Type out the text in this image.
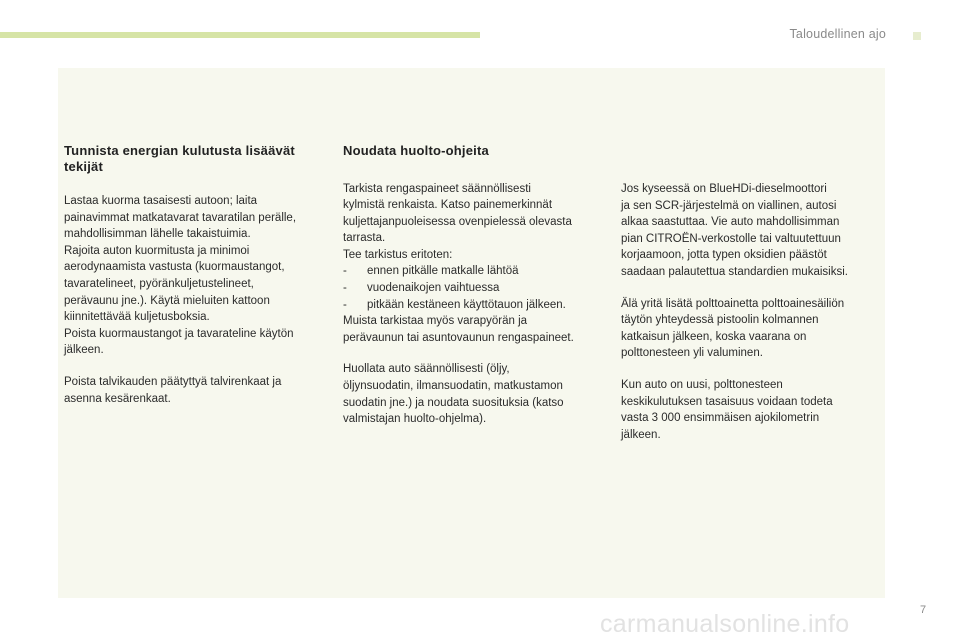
Taloudellinen ajo
Tunnista energian kulutusta lisäävät tekijät

Lastaa kuorma tasaisesti autoon; laita
painavimmat matkatavarat tavaratilan perälle,
mahdollisimman lähelle takaistuimia.
Rajoita auton kuormitusta ja minimoi
aerodynaamista vastusta (kuormaustangot,
tavaratelineet, pyöränkuljetustelineet,
perävaunu jne.). Käytä mieluiten kattoon
kiinnitettävää kuljetusboksia.
Poista kuormaustangot ja tavarateline käytön
jälkeen.

Poista talvikauden päätyttyä talvirenkaat ja
asenna kesärenkaat.

Noudata huolto-ohjeita

Tarkista rengaspaineet säännöllisesti
kylmistä renkaista. Katso painemerkinnät
kuljettajanpuoleisessa ovenpielessä olevasta
tarrasta.
Tee tarkistus eritoten:

-	ennen pitkälle matkalle lähtöä
-	vuodenaikojen vaihtuessa
-	pitkään kestäneen käyttötauon jälkeen.

Muista tarkistaa myös varapyörän ja
perävaunun tai asuntovaunun rengaspaineet.

Huollata auto säännöllisesti (öljy,
öljynsuodatin, ilmansuodatin, matkustamon
suodatin jne.) ja noudata suosituksia (katso
valmistajan huolto-ohjelma).

Jos kyseessä on BlueHDi-dieselmoottori
ja sen SCR-järjestelmä on viallinen, autosi
alkaa saastuttaa. Vie auto mahdollisimman
pian CITROËN-verkostolle tai valtuutettuun
korjaamoon, jotta typen oksidien päästöt
saadaan palautettua standardien mukaisiksi.

Älä yritä lisätä polttoainetta polttoainesäiliön
täytön yhteydessä pistoolin kolmannen
katkaisun jälkeen, koska vaarana on
polttonesteen yli valuminen.

Kun auto on uusi, polttonesteen
keskikulutuksen tasaisuus voidaan todeta
vasta 3 000 ensimmäisen ajokilometrin
jälkeen.

7
carmanualsonline.info
